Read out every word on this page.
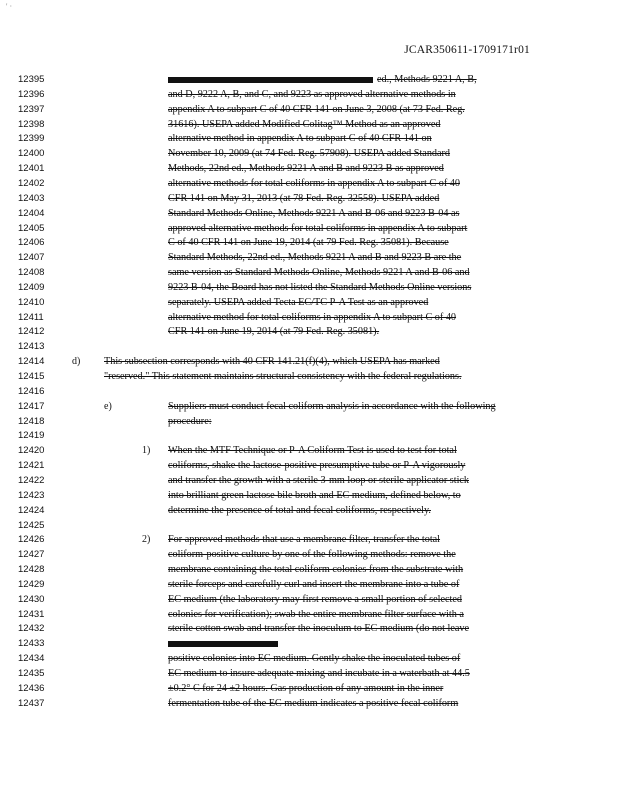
' ·
JCAR350611-1709171r01
12395	ed., Methods 9221 A, B,
12396	and D, 9222 A, B, and C, and 9223 as approved alternative methods in
12397	appendix A to subpart C of 40 CFR 141 on June 3, 2008 (at 73 Fed. Reg.
12398	31616). USEPA added Modified Colitag™ Method as an approved
12399	alternative method in appendix A to subpart C of 40 CFR 141 on
12400	November 10, 2009 (at 74 Fed. Reg. 57908). USEPA added Standard
12401	Methods, 22nd ed., Methods 9221 A and B and 9223 B as approved
12402	alternative methods for total coliforms in appendix A to subpart C of 40
12403	CFR 141 on May 31, 2013 (at 78 Fed. Reg. 32558). USEPA added
12404	Standard Methods Online, Methods 9221 A and B-06 and 9223 B-04 as
12405	approved alternative methods for total coliforms in appendix A to subpart
12406	C of 40 CFR 141 on June 19, 2014 (at 79 Fed. Reg. 35081). Because
12407	Standard Methods, 22nd ed., Methods 9221 A and B and 9223 B are the
12408	same version as Standard Methods Online, Methods 9221 A and B-06 and
12409	9223 B-04, the Board has not listed the Standard Methods Online versions
12410	separately. USEPA added Tecta EC/TC P-A Test as an approved
12411	alternative method for total coliforms in appendix A to subpart C of 40
12412	CFR 141 on June 19, 2014 (at 79 Fed. Reg. 35081).
12413
12414	d) This subsection corresponds with 40 CFR 141.21(f)(4), which USEPA has marked
12415	"reserved." This statement maintains structural consistency with the federal regulations.
12416
12417	e)	Suppliers must conduct fecal coliform analysis in accordance with the following
12418	procedure:
12419
12420	1) When the MTF Technique or P-A Coliform Test is used to test for total
12421	coliforms, shake the lactose-positive presumptive tube or P-A vigorously
12422	and transfer the growth with a sterile 3-mm loop or sterile applicator stick
12423	into brilliant green lactose bile broth and EC medium, defined below, to
12424	determine the presence of total and fecal coliforms, respectively.
12425
12426	2) For approved methods that use a membrane filter, transfer the total
12427	coliform-positive culture by one of the following methods: remove the
12428	membrane containing the total coliform colonies from the substrate with
12429	sterile forceps and carefully curl and insert the membrane into a tube of
12430	EC medium (the laboratory may first remove a small portion of selected
12431	colonies for verification); swab the entire membrane filter surface with a
12432	sterile cotton swab and transfer the inoculum to EC medium (do not leave
12433
12434	positive colonies into EC medium. Gently shake the inoculated tubes of
12435	EC medium to insure adequate mixing and incubate in a waterbath at 44.5
12436	±0.2° C for 24 ±2 hours. Gas production of any amount in the inner
12437	fermentation tube of the EC medium indicates a positive fecal coliform
